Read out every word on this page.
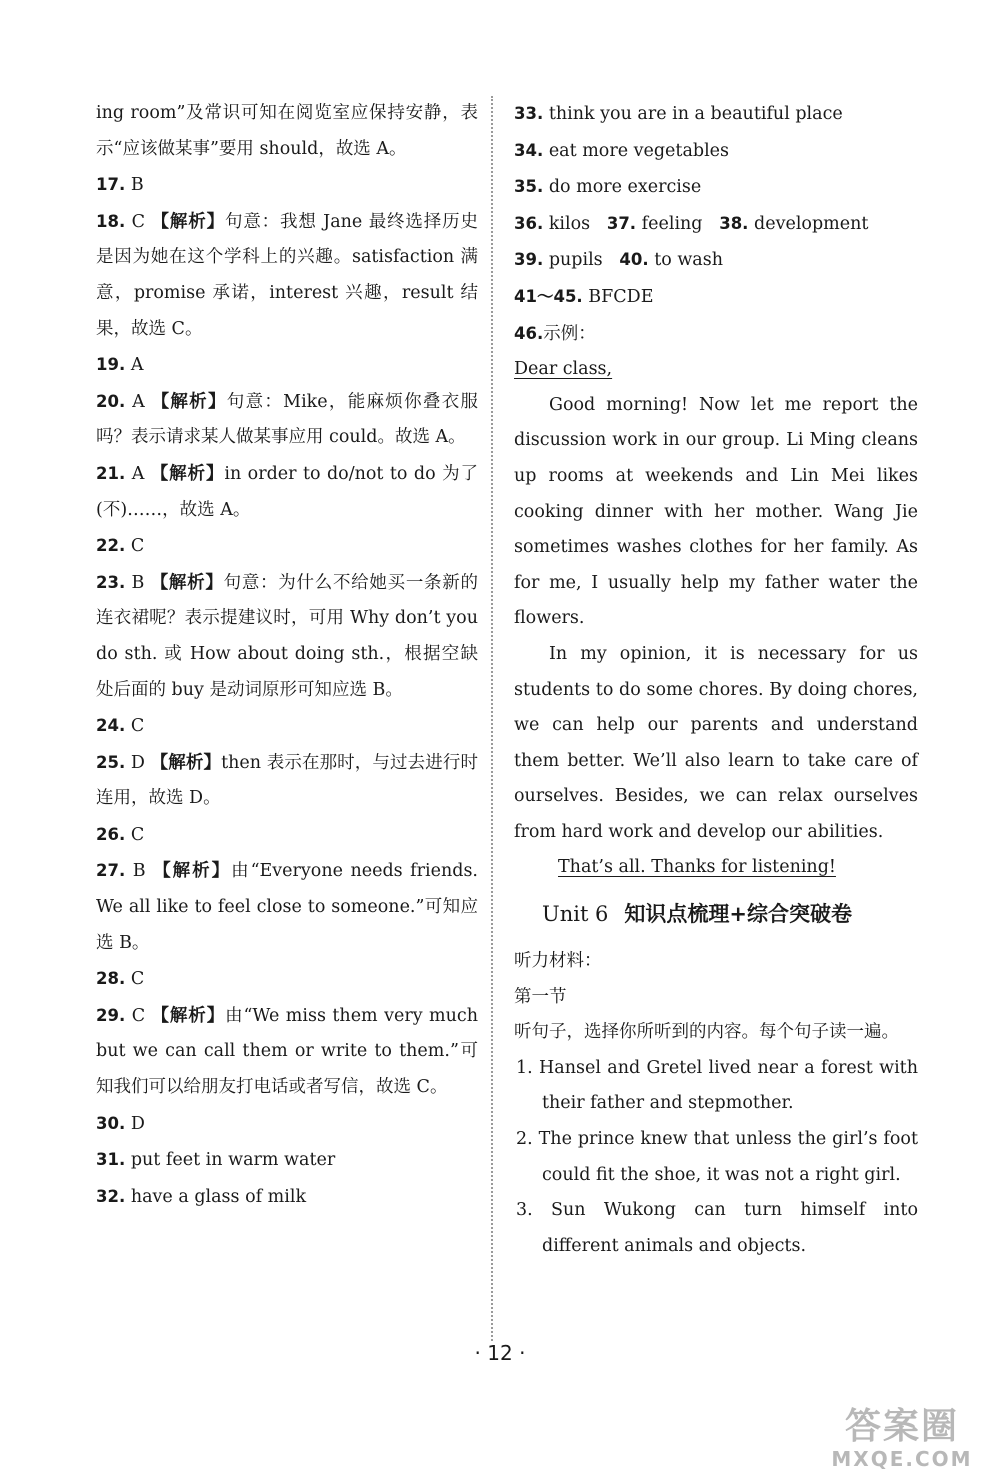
ing room”及常识可知在阅览室应保持安静，表示“应该做某事”要用 should，故选 A。

17. B

18. C 【解析】句意：我想 Jane 最终选择历史是因为她在这个学科上的兴趣。satisfaction 满意，promise 承诺，interest 兴趣，result 结果，故选 C。

19. A

20. A 【解析】句意：Mike，能麻烦你叠衣服吗？表示请求某人做某事应用 could。故选 A。

21. A 【解析】in order to do/not to do 为了(不)……，故选 A。

22. C

23. B 【解析】句意：为什么不给她买一条新的连衣裙呢？表示提建议时，可用 Why don’t you do sth. 或 How about doing sth.，根据空缺处后面的 buy 是动词原形可知应选 B。

24. C

25. D 【解析】then 表示在那时，与过去进行时连用，故选 D。

26. C

27. B 【解析】由“Everyone needs friends. We all like to feel close to someone.”可知应选 B。

28. C

29. C 【解析】由“We miss them very much but we can call them or write to them.”可知我们可以给朋友打电话或者写信，故选 C。

30. D

31. put feet in warm water

32. have a glass of milk

33. think you are in a beautiful place

34. eat more vegetables

35. do more exercise

36. kilos 37. feeling 38. development

39. pupils 40. to wash

41～45. BFCDE

46.示例：

Dear class,

Good morning! Now let me report the discussion work in our group. Li Ming cleans up rooms at weekends and Lin Mei likes cooking dinner with her mother. Wang Jie sometimes washes clothes for her family. As for me, I usually help my father water the flowers.

In my opinion, it is necessary for us students to do some chores. By doing chores, we can help our parents and understand them better. We’ll also learn to take care of ourselves. Besides, we can relax ourselves from hard work and develop our abilities.

That’s all. Thanks for listening!

Unit 6 知识点梳理+综合突破卷

听力材料：

第一节

听句子，选择你所听到的内容。每个句子读一遍。

1. Hansel and Gretel lived near a forest with their father and stepmother.

2. The prince knew that unless the girl’s foot could fit the shoe, it was not a right girl.

3. Sun Wukong can turn himself into different animals and objects.

· 12 ·
答案圈
MXQE.COM
